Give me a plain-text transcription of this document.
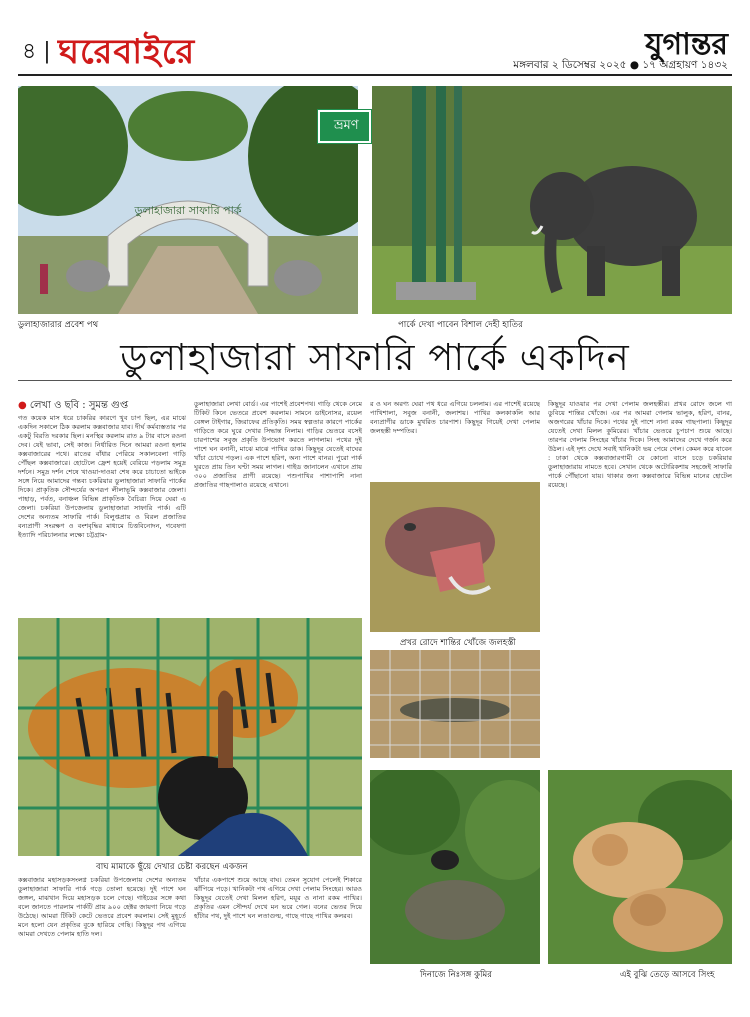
৪ | ঘরেবাইরে	যুগান্তর
মঙ্গলবার ২ ডিসেম্বর ২০২৫ ● ১৭ অগ্রহায়ণ ১৪৩২
ডুলাহাজারা সাফারি পার্ক
ডুলাহাজারার প্রবেশ পথ	পার্কে দেখা পাবেন বিশাল দেহী হাতির
ভ্রমণ
ডুলাহাজারা সাফারি পার্কে একদিন
● লেখা ও ছবি : সুমন্ত গুপ্ত

গত কয়েক মাস ধরে চাকরির কারণে খুব চাপ ছিল, এর মাঝে একদিন সকালে ঠিক করলাম কক্সবাজার যাব। দীর্ঘ কর্মব্যস্ততার পর একটু বিরতি দরকার ছিল। মনস্থির করলাম রাত ৯ টার বাসে রওনা দেব। যেই ভাবা, সেই কাজ। নির্ধারিত দিনে আমরা রওনা হলাম কক্সবাজারের পথে। রাতের বাঁধার পেরিয়ে সকালবেলা গাড়ি পৌঁছল কক্সবাজারে। হোটেলে ফ্রেশ হয়েই বেরিয়ে পড়লাম সমুদ্র দর্শনে। সমুদ্র দর্শন শেষে খাওয়া-দাওয়া শেষ করে চাচাতো ভাইকে সঙ্গে নিয়ে আমাদের গন্তব্য চকরিয়ার ডুলাহাজারা সাফারি পার্কের দিকে। প্রাকৃতিক সৌন্দর্যের অপরূপ লীলাভূমি কক্সবাজার জেলা। পাহাড়, পর্বত, বনাঞ্চল বিভিন্ন প্রাকৃতিক বৈচিত্র্য দিয়ে ঘেরা এ জেলা। চকরিয়া উপজেলায় ডুলাহাজারা সাফারি পার্ক। এটি দেশের অন্যতম সাফারি পার্ক। বিলুপ্তপ্রায় ও বিরল প্রজাতির বন্যপ্রাণী সংরক্ষণ ও বংশবৃদ্ধির মাধ্যমে চিত্তবিনোদন, গবেষণা ইত্যাদি পরিচালনার লক্ষ্যে চট্টগ্রাম-

ডুলাহাজারা লেখা বোর্ড। এর পাশেই প্রবেশপথ। গাড়ি থেকে নেমে টিকিট কিনে ভেতরে প্রবেশ করলাম। সামনে ডাইনোসর, রয়েল বেঙ্গল টাইগার, জিরাফের প্রতিকৃতি। সময় স্বল্পতার কারণে পার্কের গাড়িতে করে ঘুরে দেখার সিদ্ধান্ত নিলাম। গাড়ির ভেতরে বসেই চারপাশের সবুজ প্রকৃতি উপভোগ করতে লাগলাম। পথের দুই পাশে ঘন বনানী, মাঝে মাঝে পাখির ডাক। কিছুদূর যেতেই বাঘের খাঁচা চোখে পড়ল। এক পাশে হরিণ, অন্য পাশে বানর। পুরো পার্ক ঘুরতে প্রায় তিন ঘণ্টা সময় লাগল। গাইড জানালেন এখানে প্রায় ৩০০ প্রজাতির প্রাণী রয়েছে। পশুপাখির পাশাপাশি নানা প্রজাতির গাছপালাও রয়েছে এখানে।

বাঘ মামাকে ছুঁয়ে দেখার চেষ্টা করছেন একজন

কক্সবাজার মহাসড়কসংলগ্ন চকরিয়া উপজেলায় দেশের অন্যতম ডুলাহাজারা সাফারি পার্ক গড়ে তোলা হয়েছে। দুই পাশে ঘন জঙ্গল, মাঝখান দিয়ে মহাসড়ক চলে গেছে। গাইডের সঙ্গে কথা বলে জানতে পারলাম পার্কটি প্রায় ৯০০ হেক্টর জায়গা নিয়ে গড়ে উঠেছে। আমরা টিকিট কেটে ভেতরে প্রবেশ করলাম। সেই মুহূর্তে মনে হলো যেন প্রকৃতির বুকে হারিয়ে গেছি। কিছুদূর পথ এগিয়ে আমরা দেখতে পেলাম হাতি দল।

খাঁচার একপাশে শুয়ে আছে বাঘ। তেমন সুযোগ পেলেই শিকারে ঝাঁপিয়ে পড়ে। খানিকটা পথ এগিয়ে দেখা পেলাম সিংহের। আরও কিছুদূর যেতেই দেখা মিলল হরিণ, ময়ূর ও নানা রকম পাখির। প্রকৃতির এমন সৌন্দর্য দেখে মন ভরে গেল। বনের ভেতর দিয়ে হাঁটার পথ, দুই পাশে ঘন লতাগুল্ম, গাছে গাছে পাখির কলরব।

র ও ঘন অরণ্য ঘেরা পথ ধরে এগিয়ে চললাম। এর পাশেই রয়েছে পাখিশালা, সবুজ বনানী, জলাশয়। পাখির কলকাকলি আর বন্যপ্রাণীর ডাকে মুখরিত চারপাশ। কিছুদূর গিয়েই দেখা পেলাম জলহস্তী দম্পতির।

প্রখর রোদে শান্তির খোঁজে জলহস্তী
দিনাজে নিঃসঙ্গ কুমির

কিছুদূর যাওয়ার পর দেখা পেলাম জলহস্তীর। প্রখর রোদে জলে গা ডুবিয়ে শান্তির খোঁজে। এর পর আমরা গেলাম ভালুক, হরিণ, বানর, অজগরের খাঁচার দিকে। পথের দুই পাশে নানা রকম গাছপালা। কিছুদূর যেতেই দেখা মিলল কুমিরের। খাঁচার ভেতরে চুপচাপ শুয়ে আছে। তারপর গেলাম সিংহের খাঁচার দিকে। সিংহ আমাদের দেখে গর্জন করে উঠল। এই দৃশ্য দেখে সবাই খানিকটা ভয় পেয়ে গেল। কেমন করে যাবেন : ঢাকা থেকে কক্সবাজারগামী যে কোনো বাসে চড়ে চকরিয়ার ডুলাহাজারায় নামতে হবে। সেখান থেকে অটোরিকশায় সহজেই সাফারি পার্কে পৌঁছানো যায়। থাকার জন্য কক্সবাজারে বিভিন্ন মানের হোটেল রয়েছে।

এই বুঝি তেড়ে আসবে সিংহ
